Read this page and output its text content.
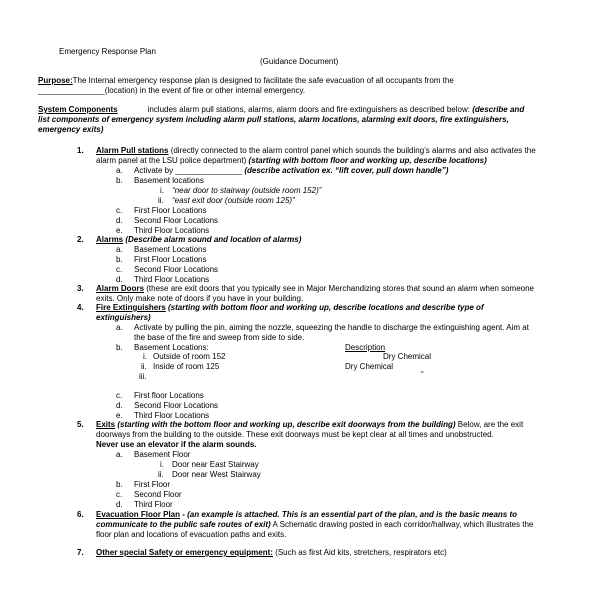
Emergency Response Plan
(Guidance Document)
Purpose:The Internal emergency response plan is designed to facilitate the safe evacuation of all occupants from the
_______________(location) in the event of fire or other internal emergency.
System Components	includes alarm pull stations, alarms, alarm doors and fire extinguishers as described below: (describe and
list components of emergency system including alarm pull stations, alarm locations, alarming exit doors, fire extinguishers,
emergency exits)
1. Alarm Pull stations (directly connected to the alarm control panel which sounds the building’s alarms and also activates the
alarm panel at the LSU police department) (starting with bottom floor and working up, describe locations)
a. Activate by _______________ (describe activation ex. “lift cover, pull down handle”)
b. Basement locations
i. “near door to stairway (outside room 152)”
ii. “east exit door (outside room 125)”
c. First Floor Locations
d. Second Floor Locations
e. Third Floor Locations
2. Alarms (Describe alarm sound and location of alarms)
a. Basement Locations
b. First Floor Locations
c. Second Floor Locations
d. Third Floor Locations
3. Alarm Doors (these are exit doors that you typically see in Major Merchandizing stores that sound an alarm when someone
exits. Only make note of doors if you have in your building.
4. Fire Extinguishers (starting with bottom floor and working up, describe locations and describe type of
extinguishers)
a. Activate by pulling the pin, aiming the nozzle, squeezing the handle to discharge the extinguishing agent. Aim at
the base of the fire and sweep from side to side.
b. Basement Locations:	Description
i. Outside of room 152	Dry Chemical
ii. Inside of room 125	Dry Chemical
iii.	“
c. First floor Locations
d. Second Floor Locations
e. Third Floor Locations
5. Exits (starting with the bottom floor and working up, describe exit doorways from the building) Below, are the exit
doorways from the building to the outside. These exit doorways must be kept clear at all times and unobstructed.
Never use an elevator if the alarm sounds.
a. Basement Floor
i. Door near East Stairway
ii. Door near West Stairway
b. First Floor
c. Second Floor
d. Third Floor
6. Evacuation Floor Plan - (an example is attached. This is an essential part of the plan, and is the basic means to
communicate to the public safe routes of exit) A Schematic drawing posted in each corridor/hallway, which illustrates the
floor plan and locations of evacuation paths and exits.
7. Other special Safety or emergency equipment: (Such as first Aid kits, stretchers, respirators etc)
